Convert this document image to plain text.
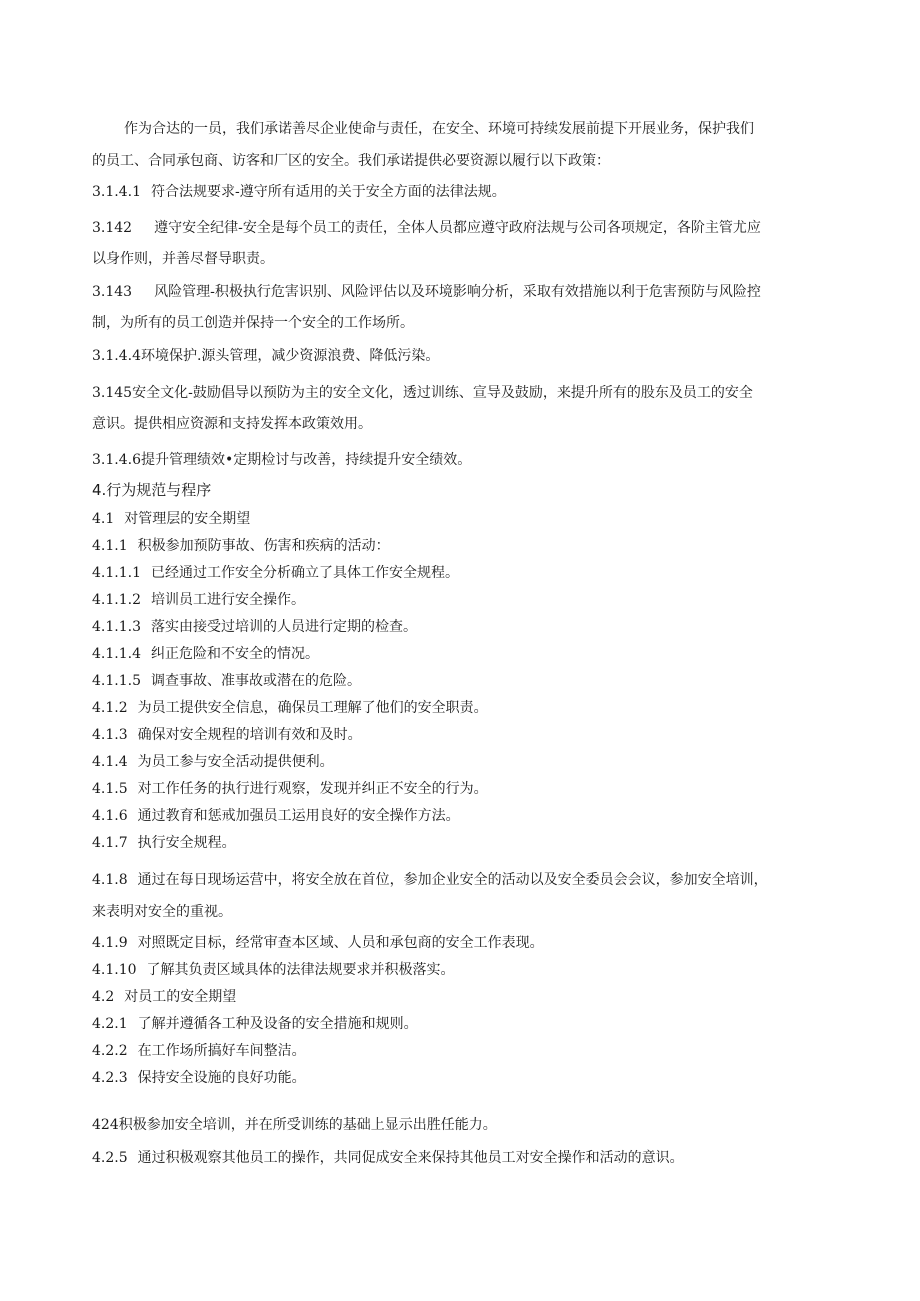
作为合达的一员，我们承诺善尽企业使命与责任，在安全、环境可持续发展前提下开展业务，保护我们
的员工、合同承包商、访客和厂区的安全。我们承诺提供必要资源以履行以下政策：
3.1.4.1 符合法规要求-遵守所有适用的关于安全方面的法律法规。
3.142 遵守安全纪律-安全是每个员工的责任，全体人员都应遵守政府法规与公司各项规定，各阶主管尤应
以身作则，并善尽督导职责。
3.143 风险管理-积极执行危害识别、风险评估以及环境影响分析，采取有效措施以利于危害预防与风险控
制，为所有的员工创造并保持一个安全的工作场所。
3.1.4.4环境保护.源头管理，减少资源浪费、降低污染。
3.145安全文化-鼓励倡导以预防为主的安全文化，透过训练、宣导及鼓励，来提升所有的股东及员工的安全
意识。提供相应资源和支持发挥本政策效用。
3.1.4.6提升管理绩效•定期检讨与改善，持续提升安全绩效。
4.行为规范与程序
4.1 对管理层的安全期望
4.1.1 积极参加预防事故、伤害和疾病的活动：
4.1.1.1 已经通过工作安全分析确立了具体工作安全规程。
4.1.1.2 培训员工进行安全操作。
4.1.1.3 落实由接受过培训的人员进行定期的检查。
4.1.1.4 纠正危险和不安全的情况。
4.1.1.5 调查事故、准事故或潜在的危险。
4.1.2 为员工提供安全信息，确保员工理解了他们的安全职责。
4.1.3 确保对安全规程的培训有效和及时。
4.1.4 为员工参与安全活动提供便利。
4.1.5 对工作任务的执行进行观察，发现并纠正不安全的行为。
4.1.6 通过教育和惩戒加强员工运用良好的安全操作方法。
4.1.7 执行安全规程。
4.1.8 通过在每日现场运营中，将安全放在首位，参加企业安全的活动以及安全委员会会议，参加安全培训，
来表明对安全的重视。
4.1.9 对照既定目标，经常审查本区域、人员和承包商的安全工作表现。
4.1.10 了解其负责区域具体的法律法规要求并积极落实。
4.2 对员工的安全期望
4.2.1 了解并遵循各工种及设备的安全措施和规则。
4.2.2 在工作场所搞好车间整洁。
4.2.3 保持安全设施的良好功能。
424积极参加安全培训，并在所受训练的基础上显示出胜任能力。
4.2.5 通过积极观察其他员工的操作，共同促成安全来保持其他员工对安全操作和活动的意识。
